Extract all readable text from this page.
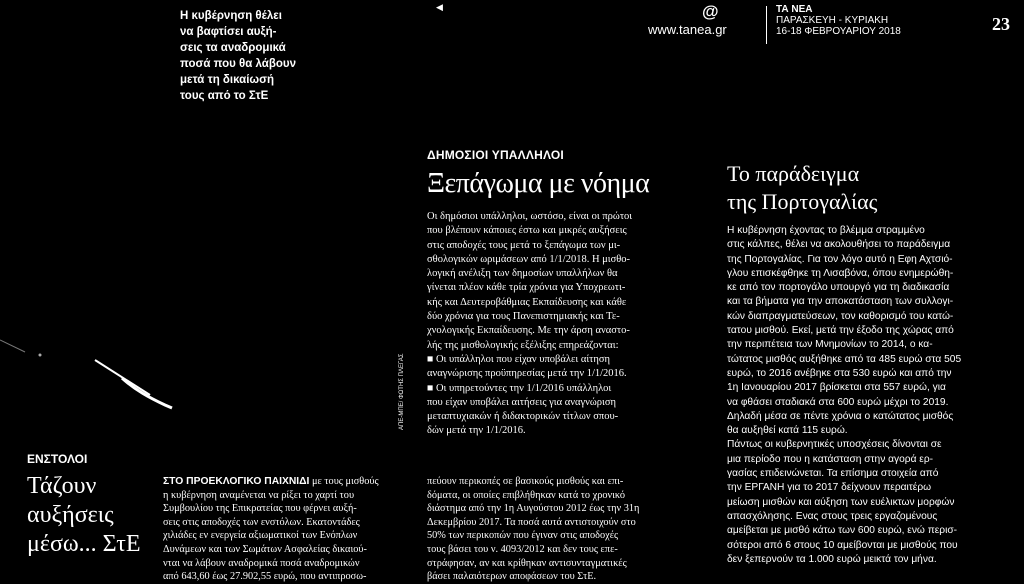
Η κυβέρνηση θέλει
να βαφτίσει αυξή-
σεις τα αναδρομικά
ποσά που θα λάβουν
μετά τη δικαίωσή
τους από το ΣτΕ
◀	@
www.tanea.gr
ΤΑ ΝΕΑ
ΠΑΡΑΣΚΕΥΗ - ΚΥΡΙΑΚΗ
16-18 ΦΕΒΡΟΥΑΡΙΟΥ 2018	23
ΔΗΜΟΣΙΟΙ ΥΠΑΛΛΗΛΟΙ
Ξεπάγωμα με νόημα
ΑΠΕ-ΜΠΕ/ ΦΩΤΗΣ ΠΛΕΓΑΣ
Οι δημόσιοι υπάλληλοι, ωστόσο, είναι οι πρώτοι
που βλέπουν κάποιες έστω και μικρές αυξήσεις
στις αποδοχές τους μετά το ξεπάγωμα των μι-
σθολογικών ωριμάσεων από 1/1/2018. Η μισθο-
λογική ανέλιξη των δημοσίων υπαλλήλων θα
γίνεται πλέον κάθε τρία χρόνια για Υποχρεωτι-
κής και Δευτεροβάθμιας Εκπαίδευσης και κάθε
δύο χρόνια για τους Πανεπιστημιακής και Τε-
χνολογικής Εκπαίδευσης. Με την άρση αναστο-
λής της μισθολογικής εξέλιξης επηρεάζονται:
■ Οι υπάλληλοι που είχαν υποβάλει αίτηση
αναγνώρισης προϋπηρεσίας μετά την 1/1/2016.
■ Οι υπηρετούντες την 1/1/2016 υπάλληλοι
που είχαν υποβάλει αιτήσεις για αναγνώριση
μεταπτυχιακών ή διδακτορικών τίτλων σπου-
δών μετά την 1/1/2016.
Το παράδειγμα
της Πορτογαλίας
Η κυβέρνηση έχοντας το βλέμμα στραμμένο
στις κάλπες, θέλει να ακολουθήσει το παράδειγμα
της Πορτογαλίας. Για τον λόγο αυτό η Εφη Αχτσιό-
γλου επισκέφθηκε τη Λισαβόνα, όπου ενημερώθη-
κε από τον πορτογάλο υπουργό για τη διαδικασία
και τα βήματα για την αποκατάσταση των συλλογι-
κών διαπραγματεύσεων, τον καθορισμό του κατώ-
τατου μισθού. Εκεί, μετά την έξοδο της χώρας από
την περιπέτεια των Μνημονίων το 2014, ο κα-
τώτατος μισθός αυξήθηκε από τα 485 ευρώ στα 505
ευρώ, το 2016 ανέβηκε στα 530 ευρώ και από την
1η Ιανουαρίου 2017 βρίσκεται στα 557 ευρώ, για
να φθάσει σταδιακά στα 600 ευρώ μέχρι το 2019.
Δηλαδή μέσα σε πέντε χρόνια ο κατώτατος μισθός
θα αυξηθεί κατά 115 ευρώ.
Πάντως οι κυβερνητικές υποσχέσεις δίνονται σε
μια περίοδο που η κατάσταση στην αγορά ερ-
γασίας επιδεινώνεται. Τα επίσημα στοιχεία από
την ΕΡΓΑΝΗ για το 2017 δείχνουν περαιτέρω
μείωση μισθών και αύξηση των ευέλικτων μορφών
απασχόλησης. Ενας στους τρεις εργαζομένους
αμείβεται με μισθό κάτω των 600 ευρώ, ενώ περισ-
σότεροι από 6 στους 10 αμείβονται με μισθούς που
δεν ξεπερνούν τα 1.000 ευρώ μεικτά τον μήνα.
ΕΝΣΤΟΛΟΙ
Τάζουν
αυξήσεις
μέσω... ΣτΕ
ΣΤΟ ΠΡΟΕΚΛΟΓΙΚΟ ΠΑΙΧΝΙΔΙ με τους μισθούς
η κυβέρνηση αναμένεται να ρίξει το χαρτί του
Συμβουλίου της Επικρατείας που φέρνει αυξή-
σεις στις αποδοχές των ενστόλων. Εκατοντάδες
χιλιάδες εν ενεργεία αξιωματικοί των Ενόπλων
Δυνάμεων και των Σωμάτων Ασφαλείας δικαιού-
νται να λάβουν αναδρομικά ποσά αναδρομικών
από 643,60 έως 27.902,55 ευρώ, που αντιπροσω-
πεύουν περικοπές σε βασικούς μισθούς και επι-
δόματα, οι οποίες επιβλήθηκαν κατά το χρονικό
διάστημα από την 1η Αυγούστου 2012 έως την 31η
Δεκεμβρίου 2017. Τα ποσά αυτά αντιστοιχούν στο
50% των περικοπών που έγιναν στις αποδοχές
τους βάσει του ν. 4093/2012 και δεν τους επε-
στράφησαν, αν και κρίθηκαν αντισυνταγματικές
βάσει παλαιότερων αποφάσεων του ΣτΕ.
